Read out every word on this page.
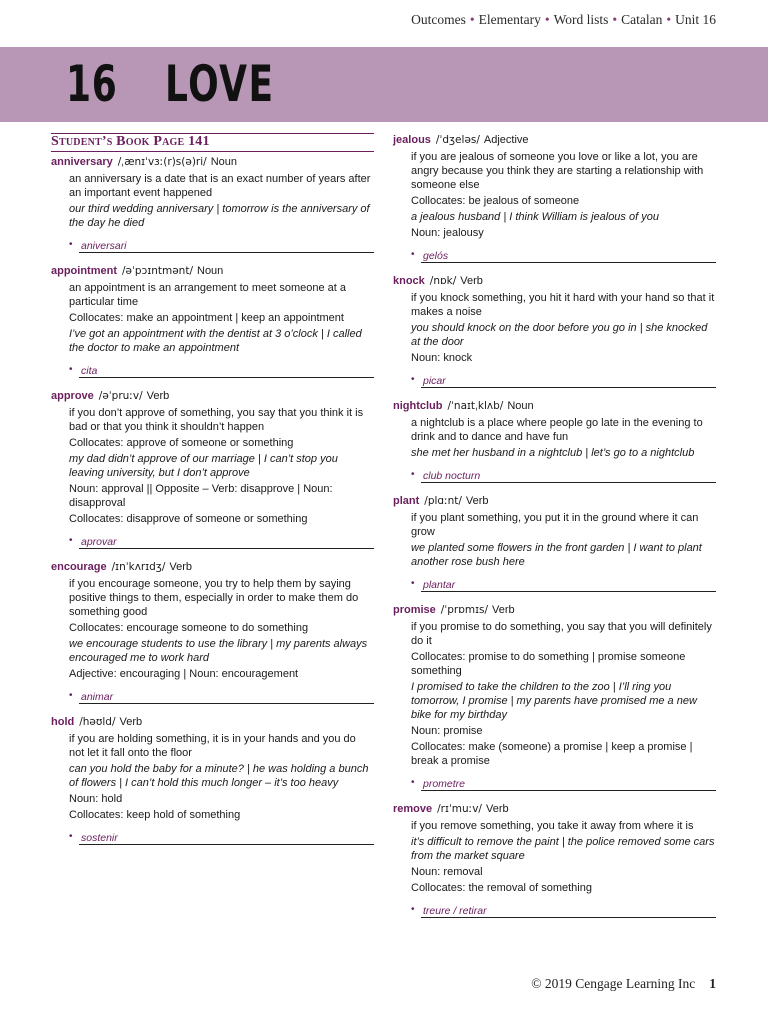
Outcomes • Elementary • Word lists • Catalan • Unit 16
16 LOVE
Student’s Book Page 141
anniversary /ˌænɪˈvɜː(r)s(ə)ri/ Noun
an anniversary is a date that is an exact number of years after an important event happened
our third wedding anniversary | tomorrow is the anniversary of the day he died
• aniversari
appointment /əˈpɔɪntmənt/ Noun
an appointment is an arrangement to meet someone at a particular time
Collocates: make an appointment | keep an appointment
I’ve got an appointment with the dentist at 3 o’clock | I called the doctor to make an appointment
• cita
approve /əˈpruːv/ Verb
if you don’t approve of something, you say that you think it is bad or that you think it shouldn’t happen
Collocates: approve of someone or something
my dad didn’t approve of our marriage | I can’t stop you leaving university, but I don’t approve
Noun: approval || Opposite – Verb: disapprove | Noun: disapproval
Collocates: disapprove of someone or something
• aprovar
encourage /ɪnˈkʌrɪdʒ/ Verb
if you encourage someone, you try to help them by saying positive things to them, especially in order to make them do something good
Collocates: encourage someone to do something
we encourage students to use the library | my parents always encouraged me to work hard
Adjective: encouraging | Noun: encouragement
• animar
hold /həʊld/ Verb
if you are holding something, it is in your hands and you do not let it fall onto the floor
can you hold the baby for a minute? | he was holding a bunch of flowers | I can’t hold this much longer – it’s too heavy
Noun: hold
Collocates: keep hold of something
• sostenir
jealous /ˈdʒeləs/ Adjective
if you are jealous of someone you love or like a lot, you are angry because you think they are starting a relationship with someone else
Collocates: be jealous of someone
a jealous husband | I think William is jealous of you
Noun: jealousy
• gelós
knock /nɒk/ Verb
if you knock something, you hit it hard with your hand so that it makes a noise
you should knock on the door before you go in | she knocked at the door
Noun: knock
• picar
nightclub /ˈnaɪtˌklʌb/ Noun
a nightclub is a place where people go late in the evening to drink and to dance and have fun
she met her husband in a nightclub | let’s go to a nightclub
• club nocturn
plant /plɑːnt/ Verb
if you plant something, you put it in the ground where it can grow
we planted some flowers in the front garden | I want to plant another rose bush here
• plantar
promise /ˈprɒmɪs/ Verb
if you promise to do something, you say that you will definitely do it
Collocates: promise to do something | promise someone something
I promised to take the children to the zoo | I’ll ring you tomorrow, I promise | my parents have promised me a new bike for my birthday
Noun: promise
Collocates: make (someone) a promise | keep a promise | break a promise
• prometre
remove /rɪˈmuːv/ Verb
if you remove something, you take it away from where it is
it’s difficult to remove the paint | the police removed some cars from the market square
Noun: removal
Collocates: the removal of something
• treure / retirar
© 2019 Cengage Learning Inc 1
